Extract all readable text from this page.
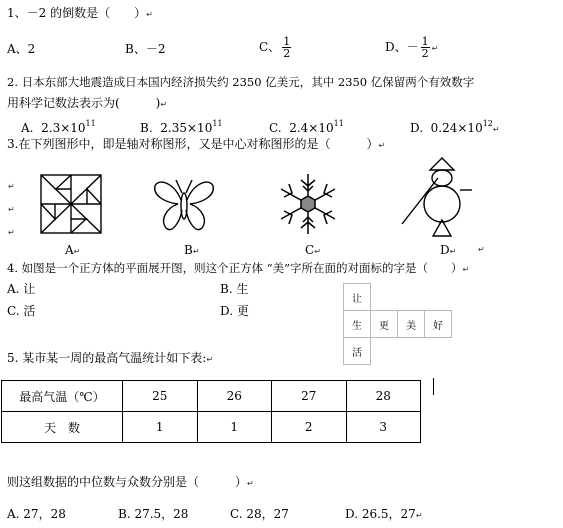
1、－2 的倒数是（　　）↵
A、2	B、－2	C、 $\frac{1}{2}$	D、－ $\frac{1}{2}$ ↵
2. 日本东部大地震造成日本国内经济损失约 2350 亿美元，其中 2350 亿保留两个有效数字
用科学记数法表示为(　　　)↵
A. $2.3\times 10^{11}$	B. $2.35\times 10^{11}$	C. $2.4\times 10^{11}$	D. $0.24\times 10^{12}↵$
3.在下列图形中，即是轴对称图形，又是中心对称图形的是（　　　）↵
↵
↵
↵
A↵	B↵	C↵	D↵	↵
4. 如图是一个正方体的平面展开图，则这个正方体 “美”字所在面的对面标的字是（　　）↵
A. 让	B. 生
C. 活	D. 更
让			
生	更	美	好
活			
5. 某市某一周的最高气温统计如下表:↵
最高气温（℃）	25	26	27	28
天　数	1	1	2	3
则这组数据的中位数与众数分别是（　　　）↵
A. 27，28	B. 27.5，28	C. 28，27	D. 26.5，27↵
